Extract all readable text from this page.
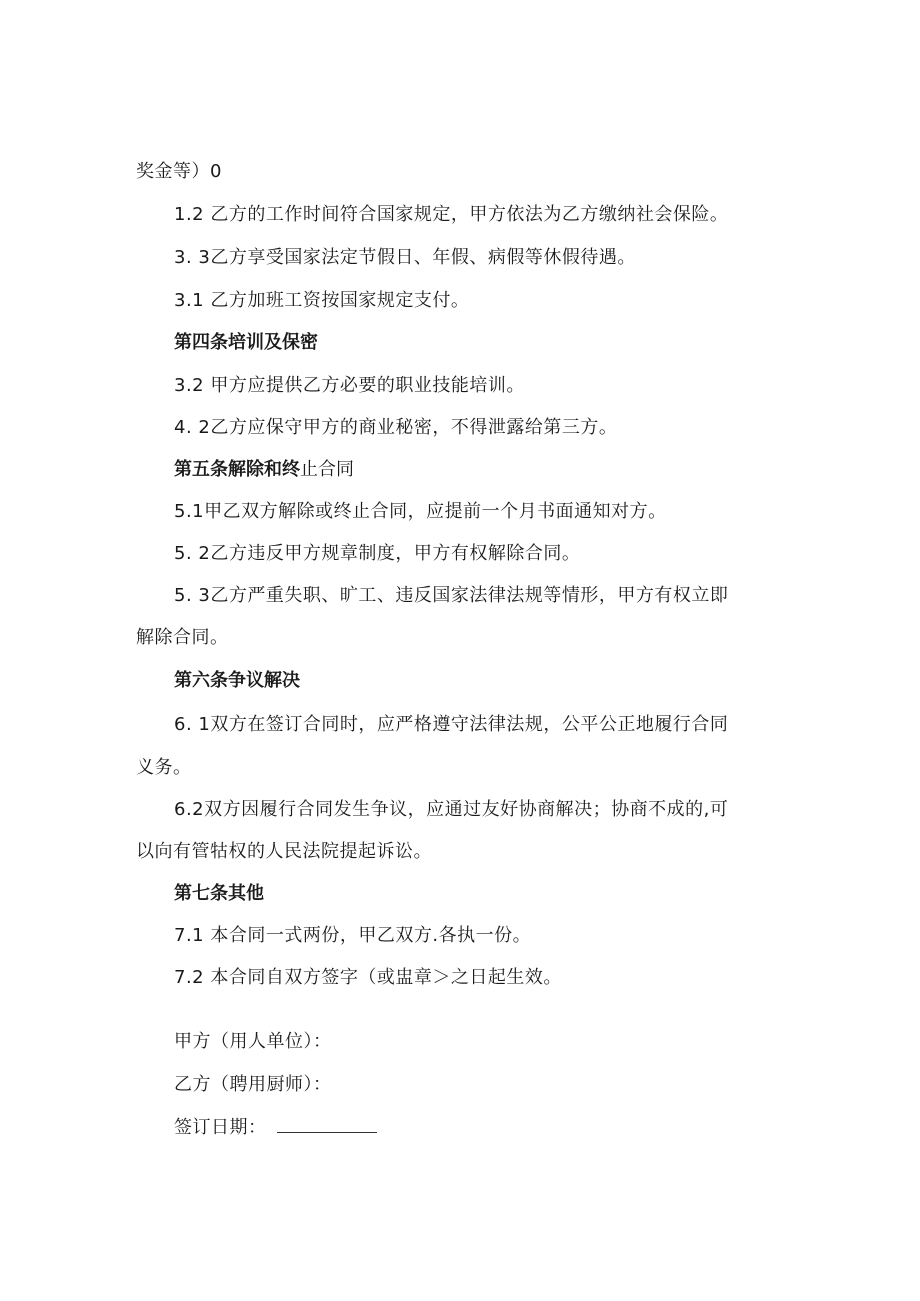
奖金等）0
1.2 乙方的工作时间符合国家规定，甲方依法为乙方缴纳社会保险。
3. 3乙方享受国家法定节假日、年假、病假等休假待遇。
3.1 乙方加班工资按国家规定支付。
第四条培训及保密
3.2 甲方应提供乙方必要的职业技能培训。
4. 2乙方应保守甲方的商业秘密，不得泄露给第三方。
第五条解除和终止合同
5.1甲乙双方解除或终止合同，应提前一个月书面通知对方。
5. 2乙方违反甲方规章制度，甲方有权解除合同。
5. 3乙方严重失职、旷工、违反国家法律法规等情形，甲方有权立即
解除合同。
第六条争议解决
6. 1双方在签订合同时，应严格遵守法律法规，公平公正地履行合同
义务。
6.2双方因履行合同发生争议，应通过友好协商解决；协商不成的,可
以向有管牯权的人民法院提起诉讼。
第七条其他
7.1 本合同一式两份，甲乙双方.各执一份。
7.2 本合同自双方签字（或盅章＞之日起生效。
甲方（用人单位）：
乙方（聘用厨师）：
签订日期：
